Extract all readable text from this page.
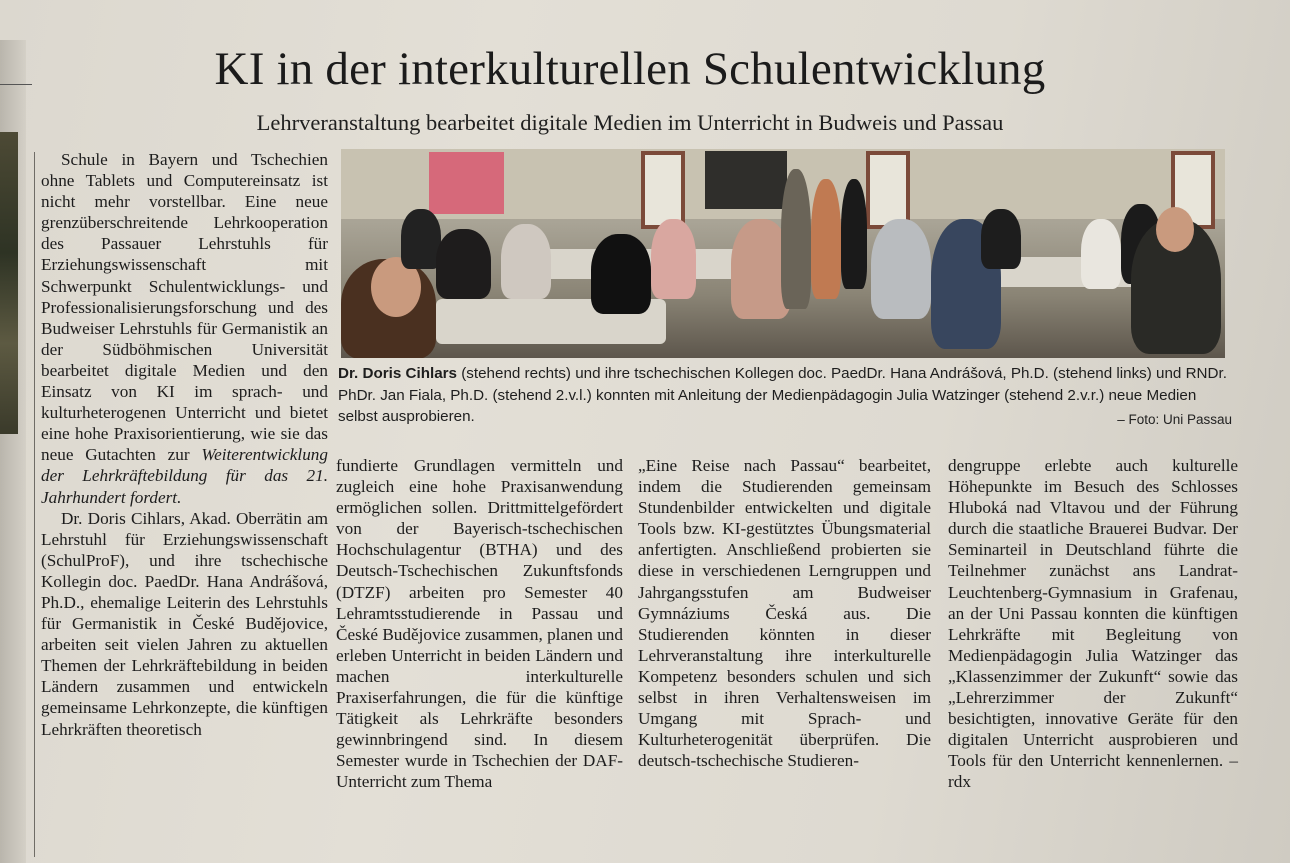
KI in der interkulturellen Schulentwicklung
Lehrveranstaltung bearbeitet digitale Medien im Unterricht in Budweis und Passau

Dr. Doris Cihlars (stehend rechts) und ihre tschechischen Kollegen doc. PaedDr. Hana Andrášová, Ph.D. (stehend links) und RNDr. PhDr. Jan Fiala, Ph.D. (stehend 2.v.l.) konnten mit Anleitung der Medienpädagogin Julia Watzinger (stehend 2.v.r.) neue Medien selbst ausprobieren.	– Foto: Uni Passau

Schule in Bayern und Tschechien ohne Tablets und Computereinsatz ist nicht mehr vorstellbar. Eine neue grenzüberschreitende Lehrkooperation des Passauer Lehrstuhls für Erziehungswissenschaft mit Schwerpunkt Schulentwicklungs- und Professionalisierungsforschung und des Budweiser Lehrstuhls für Germanistik an der Südböhmischen Universität bearbeitet digitale Medien und den Einsatz von KI im sprach- und kulturheterogenen Unterricht und bietet eine hohe Praxisorientierung, wie sie das neue Gutachten zur Weiterentwicklung der Lehrkräftebildung für das 21. Jahrhundert fordert.

Dr. Doris Cihlars, Akad. Oberrätin am Lehrstuhl für Erziehungswissenschaft (SchulProF), und ihre tschechische Kollegin doc. PaedDr. Hana Andrášová, Ph.D., ehemalige Leiterin des Lehrstuhls für Germanistik in České Budějovice, arbeiten seit vielen Jahren zu aktuellen Themen der Lehrkräftebildung in beiden Ländern zusammen und entwickeln gemeinsame Lehrkonzepte, die künftigen Lehrkräften theoretisch

fundierte Grundlagen vermitteln und zugleich eine hohe Praxisanwendung ermöglichen sollen. Drittmittelgefördert von der Bayerisch-tschechischen Hochschulagentur (BTHA) und des Deutsch-Tschechischen Zukunftsfonds (DTZF) arbeiten pro Semester 40 Lehramtsstudierende in Passau und České Budějovice zusammen, planen und erleben Unterricht in beiden Ländern und machen interkulturelle Praxiserfahrungen, die für die künftige Tätigkeit als Lehrkräfte besonders gewinnbringend sind. In diesem Semester wurde in Tschechien der DAF-Unterricht zum Thema

„Eine Reise nach Passau“ bearbeitet, indem die Studierenden gemeinsam Stundenbilder entwickelten und digitale Tools bzw. KI-gestütztes Übungsmaterial anfertigten. Anschließend probierten sie diese in verschiedenen Lerngruppen und Jahrgangsstufen am Budweiser Gymnáziums Česká aus. Die Studierenden könnten in dieser Lehrveranstaltung ihre interkulturelle Kompetenz besonders schulen und sich selbst in ihren Verhaltensweisen im Umgang mit Sprach- und Kulturheterogenität überprüfen. Die deutsch-tschechische Studieren-

dengruppe erlebte auch kulturelle Höhepunkte im Besuch des Schlosses Hluboká nad Vltavou und der Führung durch die staatliche Brauerei Budvar. Der Seminarteil in Deutschland führte die Teilnehmer zunächst ans Landrat-Leuchtenberg-Gymnasium in Grafenau, an der Uni Passau konnten die künftigen Lehrkräfte mit Begleitung von Medienpädagogin Julia Watzinger das „Klassenzimmer der Zukunft“ sowie das „Lehrerzimmer der Zukunft“ besichtigten, innovative Geräte für den digitalen Unterricht ausprobieren und Tools für den Unterricht kennenlernen. – rdx
